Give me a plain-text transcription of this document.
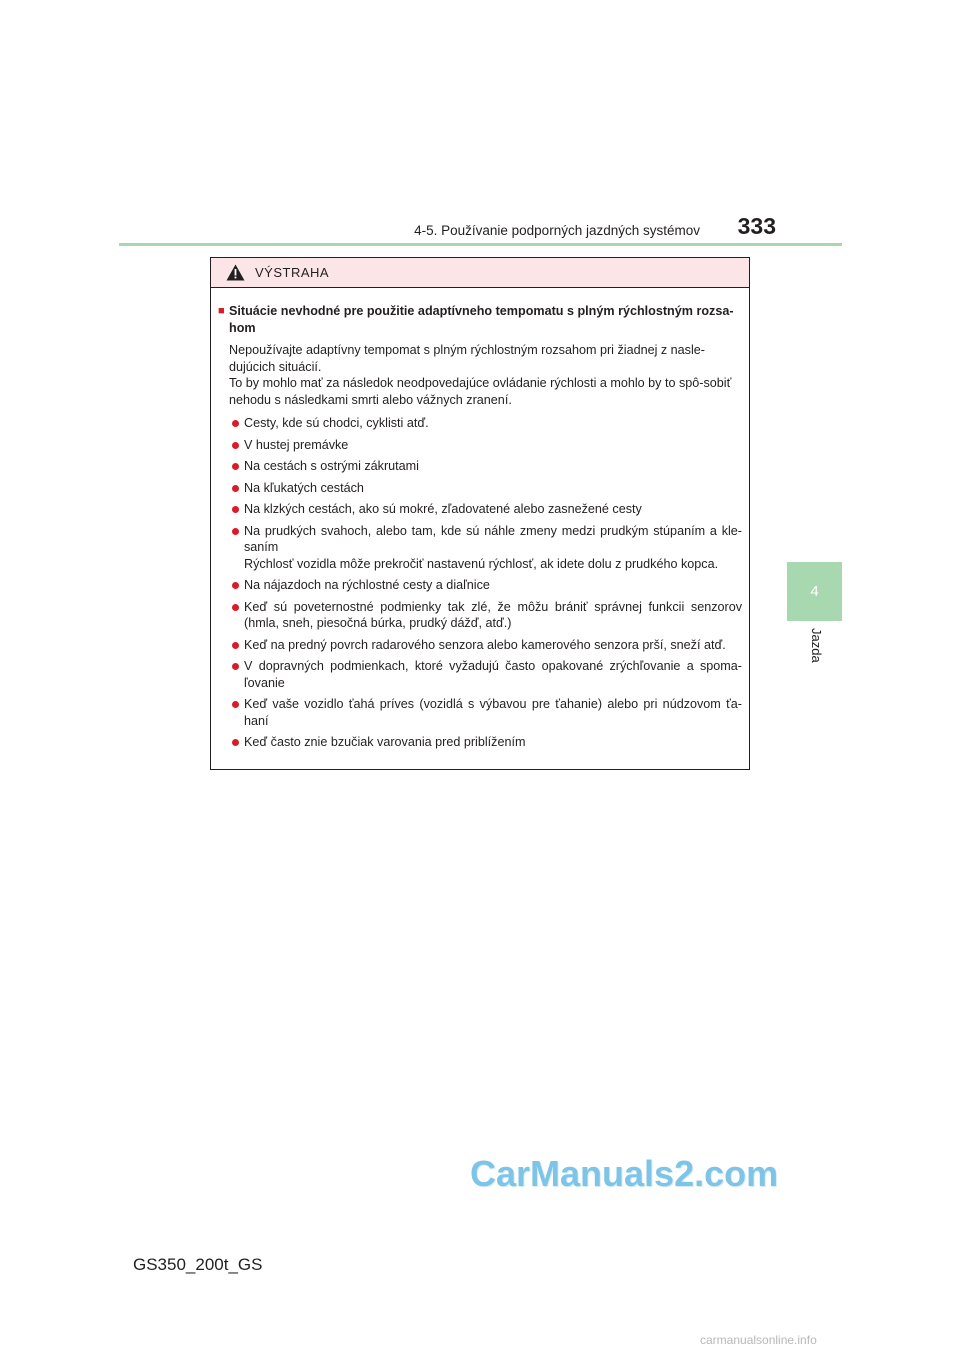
4-5. Používanie podporných jazdných systémov	333
4
Jazda
VÝSTRAHA
■ Situácie nevhodné pre použitie adaptívneho tempomatu s plným rýchlostným rozsa-hom

Nepoužívajte adaptívny tempomat s plným rýchlostným rozsahom pri žiadnej z nasle-dujúcich situácií.

To by mohlo mať za následok neodpovedajúce ovládanie rýchlosti a mohlo by to spô-sobiť nehodu s následkami smrti alebo vážnych zranení.

Cesty, kde sú chodci, cyklisti atď.
V hustej premávke
Na cestách s ostrými zákrutami
Na kľukatých cestách
Na klzkých cestách, ako sú mokré, zľadovatené alebo zasnežené cesty
Na prudkých svahoch, alebo tam, kde sú náhle zmeny medzi prudkým stúpaním a kle-saním
Rýchlosť vozidla môže prekročiť nastavenú rýchlosť, ak idete dolu z prudkého kopca.
Na nájazdoch na rýchlostné cesty a diaľnice
Keď sú poveternostné podmienky tak zlé, že môžu brániť správnej funkcii senzorov (hmla, sneh, piesočná búrka, prudký dážď, atď.)
Keď na predný povrch radarového senzora alebo kamerového senzora prší, sneží atď.
V dopravných podmienkach, ktoré vyžadujú často opakované zrýchľovanie a spoma-ľovanie
Keď vaše vozidlo ťahá príves (vozidlá s výbavou pre ťahanie) alebo pri núdzovom ťa-haní
Keď často znie bzučiak varovania pred priblížením
GS350_200t_GS
CarManuals2.com
carmanualsonline.info
